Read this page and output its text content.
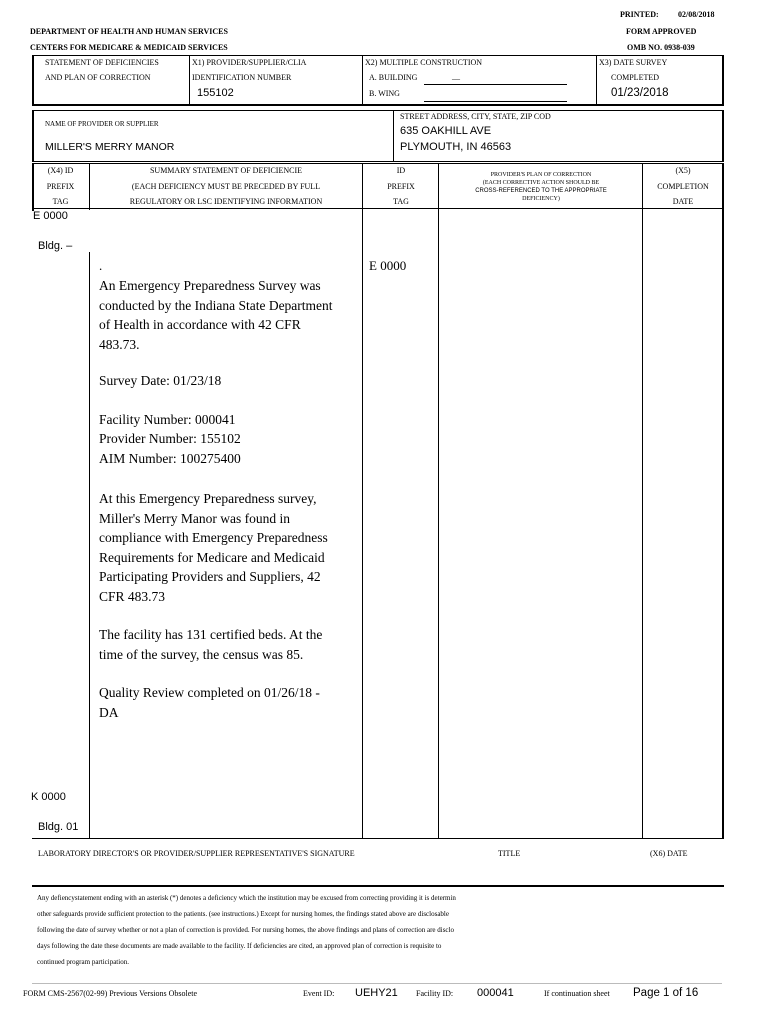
PRINTED: 02/08/2018
DEPARTMENT OF HEALTH AND HUMAN SERVICES	FORM APPROVED
CENTERS FOR MEDICARE & MEDICAID SERVICES	OMB NO. 0938-039
STATEMENT OF DEFICIENCIES
AND PLAN OF CORRECTION
X1) PROVIDER/SUPPLIER/CLIA
IDENTIFICATION NUMBER
155102
X2) MULTIPLE CONSTRUCTION
A. BUILDING	__
B. WING
X3) DATE SURVEY
COMPLETED
01/23/2018
NAME OF PROVIDER OR SUPPLIER
MILLER'S MERRY MANOR
STREET ADDRESS, CITY, STATE, ZIP COD
635 OAKHILL AVE
PLYMOUTH, IN 46563
(X4) ID
PREFIX
TAG
SUMMARY STATEMENT OF DEFICIENCIE
(EACH DEFICIENCY MUST BE PRECEDED BY FULL
REGULATORY OR LSC IDENTIFYING INFORMATION
ID
PREFIX
TAG
PROVIDER'S PLAN OF CORRECTION
(EACH CORRECTIVE ACTION SHOULD BE
CROSS-REFERENCED TO THE APPROPRIATE
DEFICIENCY)
(X5)
COMPLETION
DATE
E 0000
Bldg. –
.	E 0000
An Emergency Preparedness Survey was conducted by the Indiana State Department of Health in accordance with 42 CFR 483.73.
Survey Date: 01/23/18
Facility Number: 000041
Provider Number: 155102
AIM Number: 100275400
At this Emergency Preparedness survey, Miller's Merry Manor was found in compliance with Emergency Preparedness Requirements for Medicare and Medicaid Participating Providers and Suppliers, 42 CFR 483.73
The facility has 131 certified beds. At the time of the survey, the census was 85.
Quality Review completed on 01/26/18 - DA
K 0000
Bldg. 01
LABORATORY DIRECTOR'S OR PROVIDER/SUPPLIER REPRESENTATIVE'S SIGNATURE	TITLE	(X6) DATE
Any defiencystatement ending with an asterisk (*) denotes a deficiency which the institution may be excused from correcting providing it is determin
other safeguards provide sufficient protection to the patients. (see instructions.) Except for nursing homes, the findings stated above are disclosable
following the date of survey whether or not a plan of correction is provided. For nursing homes, the above findings and plans of correction are disclo
days following the date these documents are made available to the facility. If deficiencies are cited, an approved plan of correction is requisite to
continued program participation.
FORM CMS-2567(02-99) Previous Versions Obsolete	Event ID: UEHY21 Facility ID: 000041	If continuation sheet Page 1 of 16
